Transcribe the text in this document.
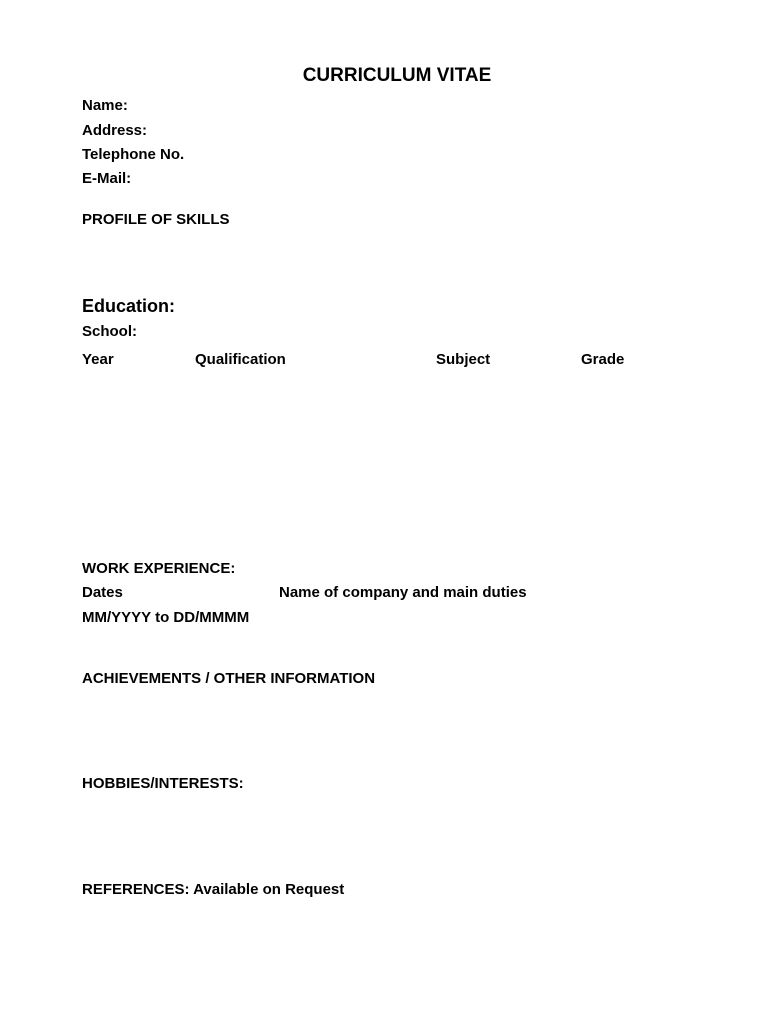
CURRICULUM VITAE
Name:
Address:
Telephone No.
E-Mail:
PROFILE OF SKILLS
Education:
School:
Year	Qualification	Subject	Grade
WORK EXPERIENCE:
Dates	Name of company and main duties
MM/YYYY to DD/MMMM
ACHIEVEMENTS / OTHER INFORMATION
HOBBIES/INTERESTS:
REFERENCES: Available on Request
